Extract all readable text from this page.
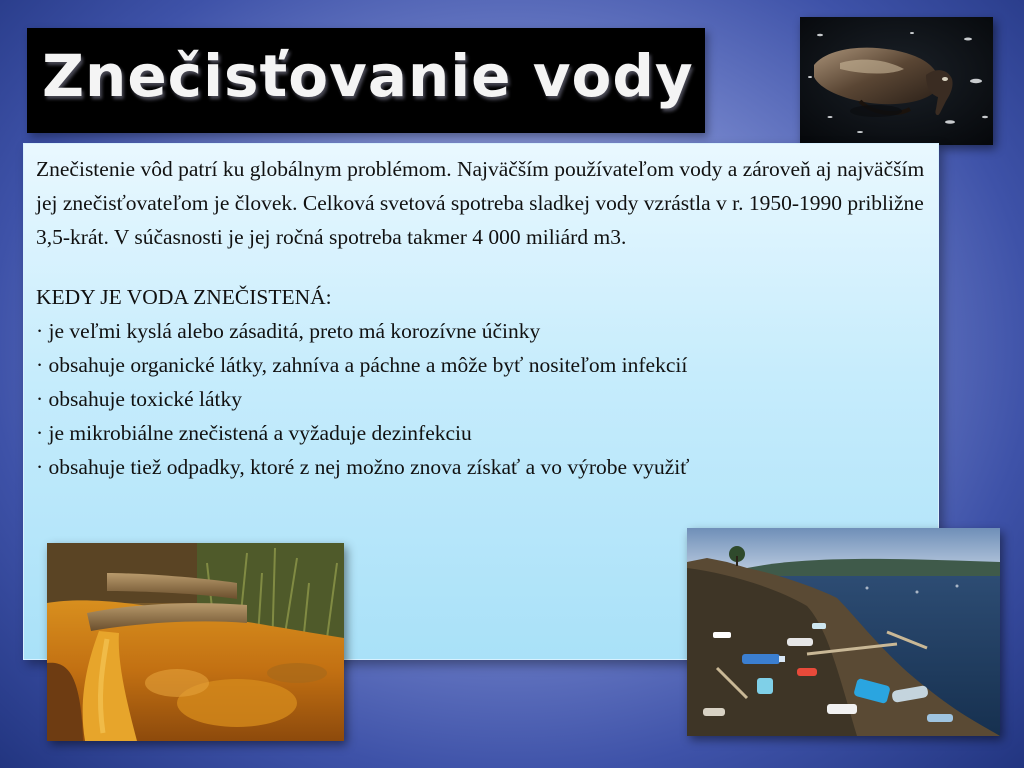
Znečisťovanie vody

Znečistenie vôd patrí ku globálnym problémom. Najväčším používateľom vody a zároveň aj najväčším jej znečisťovateľom je človek. Celková svetová spotreba sladkej vody vzrástla v r. 1950-1990 približne 3,5-krát. V súčasnosti je jej ročná spotreba takmer 4 000 miliárd m3.

KEDY JE VODA ZNEČISTENÁ:

· je veľmi kyslá alebo zásaditá, preto má korozívne účinky
· obsahuje organické látky, zahníva a páchne a môže byť nositeľom infekcií
· obsahuje toxické látky
· je mikrobiálne znečistená a vyžaduje dezinfekciu
· obsahuje tiež odpadky, ktoré z nej možno znova získať a vo výrobe využiť
